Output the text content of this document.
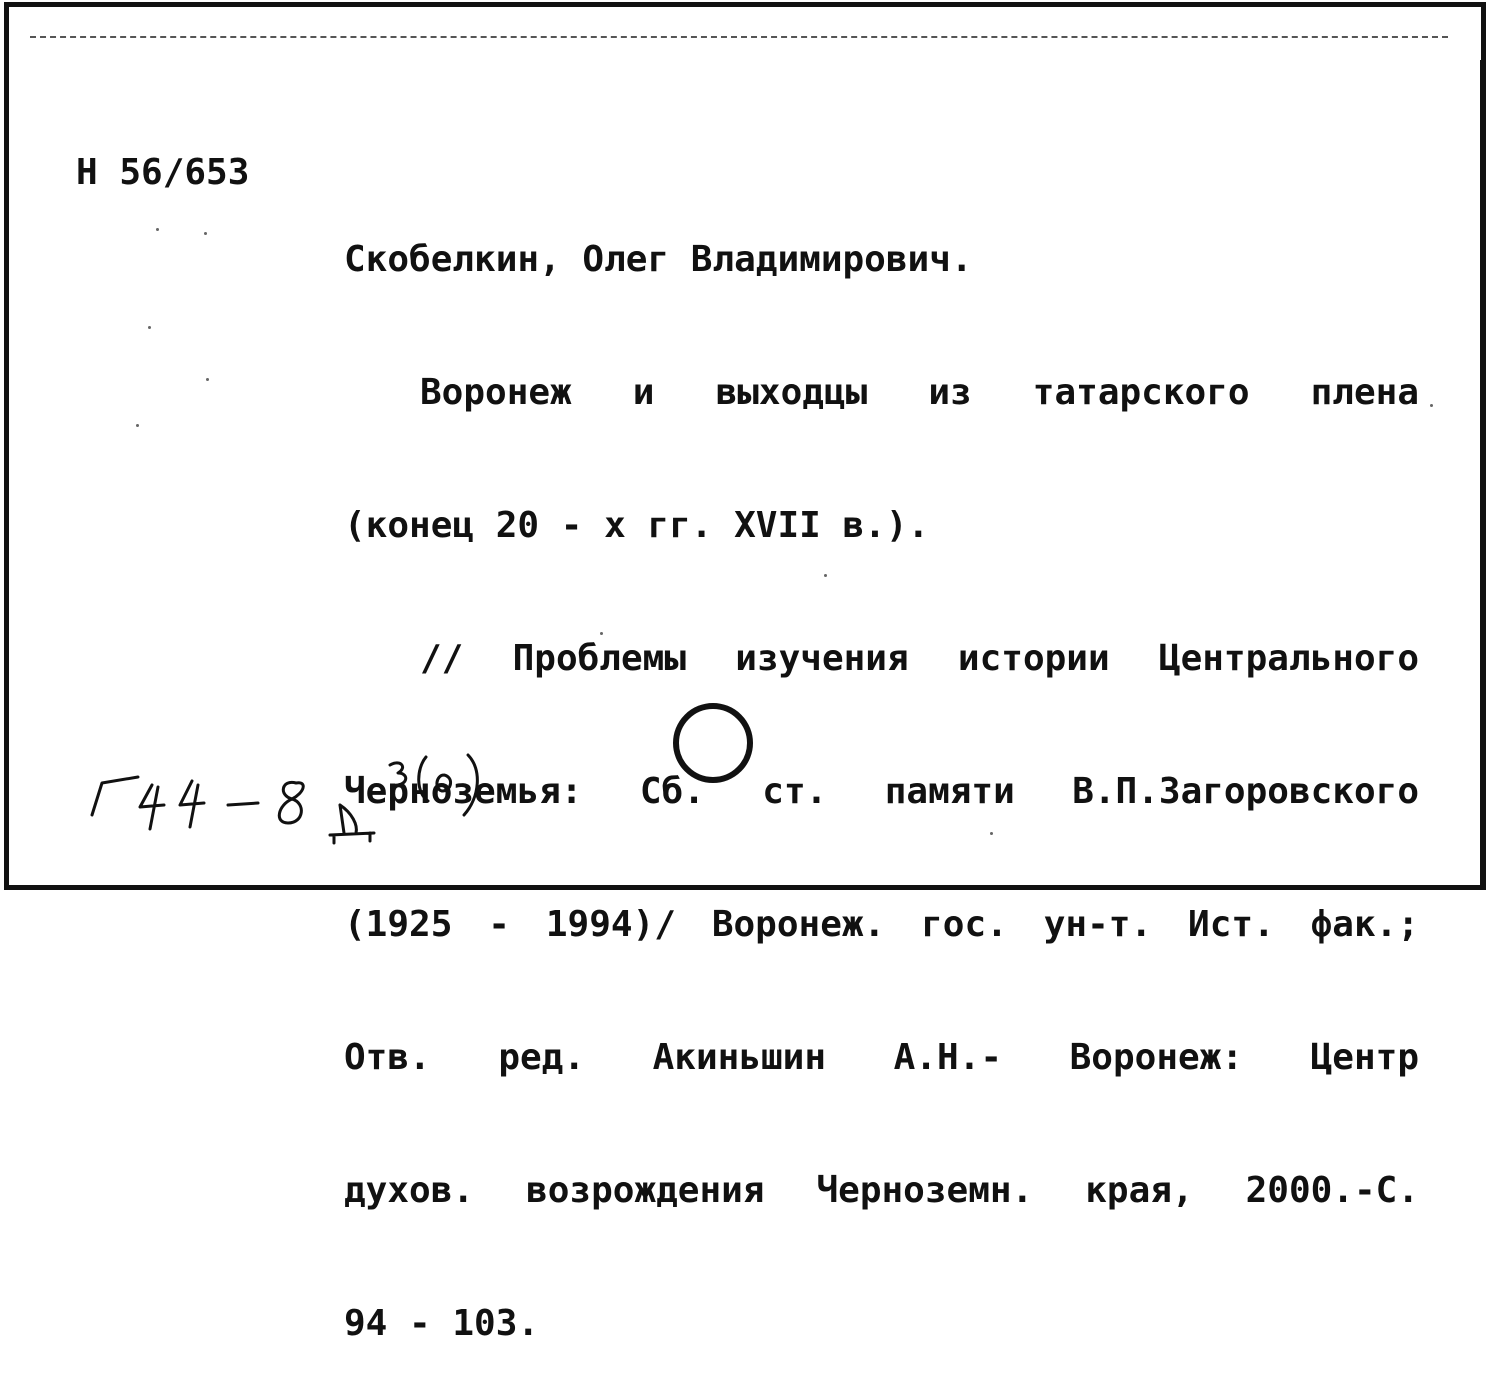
Н 56/653

Скобелкин, Олег Владимирович.

Воронеж и выходцы из татарского плена

(конец 20 - х гг. XVII в.).

// Проблемы изучения истории Центрального

Черноземья: Сб. ст. памяти В.П.Загоровского

(1925 - 1994)/ Воронеж. гос. ун-т. Ист. фак.;

Отв. ред. Акиньшин А.Н.- Воронеж: Центр

духов. возрождения Черноземн. края, 2000.-С.

94 - 103.
